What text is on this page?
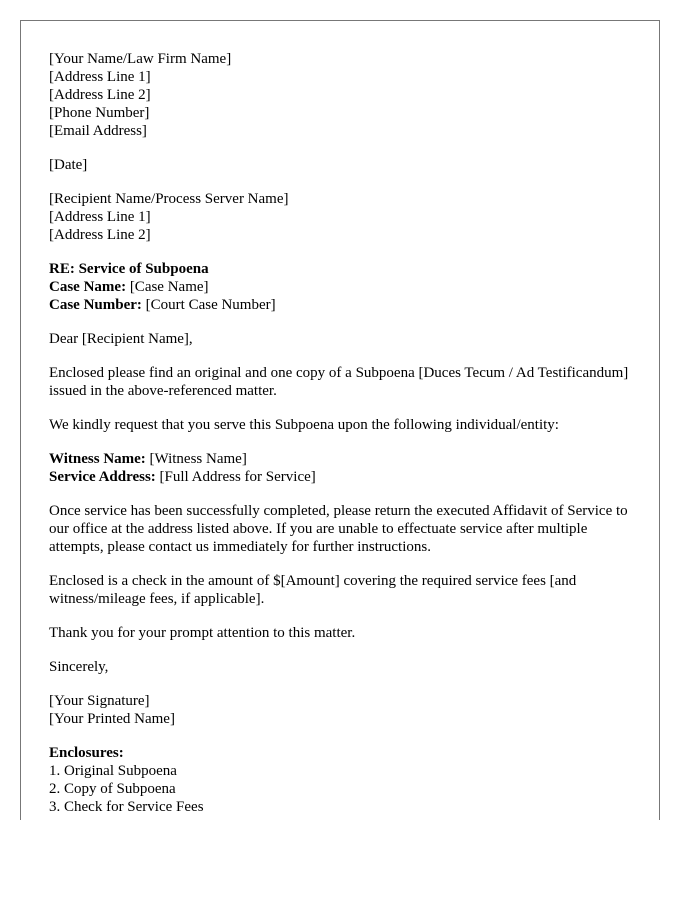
[Your Name/Law Firm Name]
[Address Line 1]
[Address Line 2]
[Phone Number]
[Email Address]
[Date]
[Recipient Name/Process Server Name]
[Address Line 1]
[Address Line 2]
RE: Service of Subpoena
Case Name: [Case Name]
Case Number: [Court Case Number]
Dear [Recipient Name],
Enclosed please find an original and one copy of a Subpoena [Duces Tecum / Ad Testificandum] issued in the above-referenced matter.
We kindly request that you serve this Subpoena upon the following individual/entity:
Witness Name: [Witness Name]
Service Address: [Full Address for Service]
Once service has been successfully completed, please return the executed Affidavit of Service to our office at the address listed above. If you are unable to effectuate service after multiple attempts, please contact us immediately for further instructions.
Enclosed is a check in the amount of $[Amount] covering the required service fees [and witness/mileage fees, if applicable].
Thank you for your prompt attention to this matter.
Sincerely,
[Your Signature]
[Your Printed Name]
Enclosures:
1. Original Subpoena
2. Copy of Subpoena
3. Check for Service Fees
